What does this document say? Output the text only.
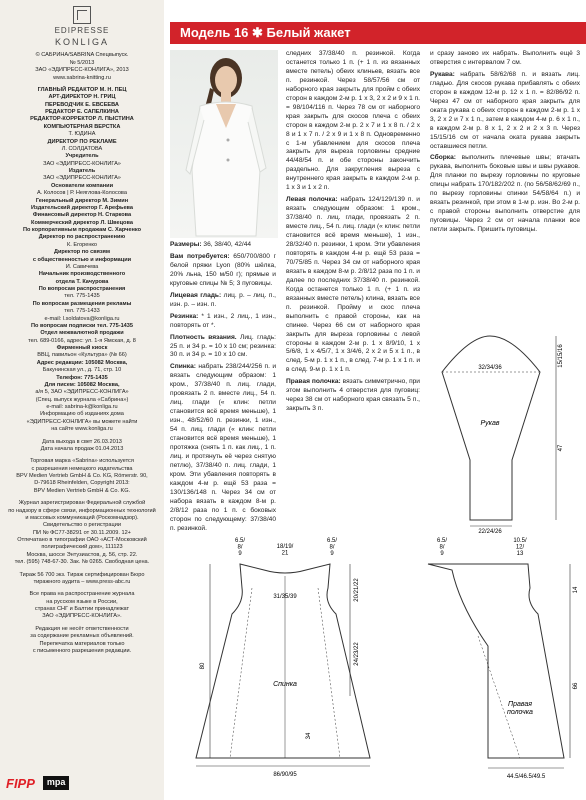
EDIPRESSE
KONLIGA

© САБРИНА/SABRINA Спецвыпуск.

№ 5/2013

ЗАО «ЭДИПРЕСС-КОНЛИГА», 2013

www.sabrina-knitting.ru

ГЛАВНЫЙ РЕДАКТОР М. Н. ПЕЦ

АРТ-ДИРЕКТОР Н. ГРИЦ

ПЕРЕВОДЧИК Е. ЕВСЕЕВА

РЕДАКТОР Е. САПЕЛКИНА

РЕДАКТОР-КОРРЕКТОР Л. ПЫСТИНА

КОМПЬЮТЕРНАЯ ВЕРСТКА

Т. ЮДИНА

ДИРЕКТОР ПО РЕКЛАМЕ

Л. СОЛДАТОВА

Учредитель

ЗАО «ЭДИПРЕСС-КОНЛИГА»

Издатель

ЗАО «ЭДИПРЕСС-КОНЛИГА»

Основатели компании

А. Колосов | Р. Неяглова-Колосова

Генеральный директор М. Зимин

Издательский директор Г. Арефьева

Финансовый директор Н. Старкова

Коммерческий директор Л. Швецова

По корпоративным продажам С. Харченко

Директор по распространению

К. Егоренко

Директор по связям

с общественностью и информации

И. Савичева

Начальник производственного

отдела Т. Качурова

По вопросам распространения

тел. 775-1435

По вопросам размещения рекламы

тел. 775-1433

e-mail: l.soldatova@konliga.ru

По вопросам подписки тел. 775-1435

Отдел межвалютной продажи

тел. 689-0166, адрес: ул. 1-я Ямская, д. 8

Фирменный киоск

ВВЦ, павильон «Культура» (№ 66)

Адрес редакции: 105082 Москва,

Бакунинская ул., д. 71, стр. 10

Телефон: 775-1435

Для писем: 105082 Москва,

а/я 5, ЗАО «ЭДИПРЕСС-КОНЛИГА»

(Спец. выпуск журнала «Сабрина»)

e-mail: sabrina-k@konliga.ru

Информацию об изданиях дома

«ЭДИПРЕСС-КОНЛИГА» вы можете найти

на сайте www.konliga.ru

Дата выхода в свет 26.03.2013

Дата начала продаж 01.04.2013

Торговая марка «Sabrina» используется

с разрешения немецкого издательства

BPV Medien Vertrieb GmbH & Co. KG, Römerstr. 90,

D-79618 Rheinfelden, Copyright 2013:

BPV Medien Vertrieb GmbH & Co. KG.

Журнал зарегистрирован Федеральной службой

по надзору в сфере связи, информационных технологий

и массовых коммуникаций (Роскомнадзор).

Свидетельство о регистрации

ПИ № ФС77-38291 от 30.11.2009. 12+

Отпечатано в типографии ОАО «АСТ-Московский

полиграфический дом», 111123

Москва, шоссе Энтузиастов, д. 56, стр. 22.

тел. (595) 748-67-30. Зак. № 0265. Свободная цена.

Тираж 56 700 экз. Тираж сертифицирован Бюро

тиражного аудита – www.press-abc.ru

Все права на распространение журнала

на русском языке в России,

странах СНГ и Балтии принадлежат

ЗАО «ЭДИПРЕСС-КОНЛИГА».

Редакция не несёт ответственности

за содержание рекламных объявлений.

Перепечатка материалов только

с письменного разрешения редакции.

FIPP	mpa
Модель 16 ✱ Белый жакет

Размеры: 36, 38/40, 42/44

Вам потребуется: 650/700/800 г белой пряжи Lyon (80% шёлка, 20% льна, 150 м/50 г); прямые и круговые спицы № 5; 3 пуговицы.

Лицевая гладь: лиц. р. – лиц. п., изн. р. – изн. п.

Резинка: * 1 изн., 2 лиц., 1 изн., повторять от *.

Плотность вязания. Лиц. гладь: 25 п. и 34 р. = 10 х 10 см; резинка: 30 п. и 34 р. = 10 х 10 см.

Спинка: набрать 238/244/256 п. и вязать следующим образом: 1 кром., 37/38/40 п. лиц. глади, провязать 2 п. вместе лиц., 54 п. лиц. глади (« клин: петли становится всё время меньше), 1 изн., 48/52/60 п. резинки, 1 изн., 54 п. лиц. глади (« клин: петли становится всё время меньше), 1 протяжка (снять 1 п. как лиц., 1 п. лиц. и протянуть её через снятую петлю), 37/38/40 п. лиц. глади, 1 кром. Эти убавления повторять в каждом 4-м р. ещё 53 раза = 130/136/148 п. Через 34 см от набора вязать в каждом 8-м р. 2/8/12 раза по 1 п. с боковых сторон по следующему: 37/38/40 п. резинкой.

следних 37/38/40 п. резинкой. Когда останется только 1 п. (+ 1 п. из вязанных вместе петель) обеих клиньев, вязать все п. резинкой. Через 58/57/56 см от наборного края закрыть для пройм с обеих сторон в каждом 2-м р. 1 х 3, 2 х 2 и 9 х 1 п. = 98/104/116 п. Через 78 см от наборного края закрыть для скосов плеча с обеих сторон в каждом 2-м р. 2 х 7 и 1 х 8 п. / 2 х 8 и 1 х 7 п. / 2 х 9 и 1 х 8 п. Одновременно с 1-м убавлением для скосов плеча закрыть для выреза горловины средние 44/48/54 п. и обе стороны закончить раздельно. Для закругления выреза с внутреннего края закрыть в каждом 2-м р. 1 х 3 и 1 х 2 п.

Левая полочка: набрать 124/129/139 п. и вязать следующим образом: 1 кром., 37/38/40 п. лиц. глади, провязать 2 п. вместе лиц., 54 п. лиц. глади (« клин: петли становится всё время меньше), 1 изн., 28/32/40 п. резинки, 1 кром. Эти убавления повторять в каждом 4-м р. ещё 53 раза = 70/75/85 п. Через 34 см от наборного края вязать в каждом 8-м р. 2/8/12 раза по 1 п. и далее по последних 37/38/40 п. резинкой. Когда останется только 1 п. (+ 1 п. из вязанных вместе петель) клина, вязать все п. резинкой. Пройму и скос плеча выполнить с правой стороны, как на спинке. Через 66 см от наборного края закрыть для выреза горловины с левой стороны в каждом 2-м р. 1 х 8/9/10, 1 х 5/6/8, 1 х 4/5/7, 1 х 3/4/6, 2 х 2 и 5 х 1 п., в след. 5-м р. 1 х 1 п., в след. 7-м р. 1 х 1 п. и в след. 9-м р. 1 х 1 п.

Правая полочка: вязать симметрично, при этом выполнить 4 отверстия для пуговиц: через 38 см от наборного края связать 5 п., закрыть 3 п.

и сразу заново их набрать. Выполнить ещё 3 отверстия с интервалом 7 см.

Рукава: набрать 58/62/68 п. и вязать лиц. гладью. Для скосов рукава прибавлять с обеих сторон в каждом 12-м р. 12 х 1 п. = 82/86/92 п. Через 47 см от наборного края закрыть для оката рукава с обеих сторон в каждом 2-м р. 1 х 3, 2 х 2 и 7 х 1 п., затем в каждом 4-м р. 6 х 1 п., в каждом 2-м р. 8 х 1, 2 х 2 и 2 х 3 п. Через 15/15/16 см от начала оката рукава закрыть оставшиеся петли.

Сборка: выполнить плечевые швы; втачать рукава, выполнить боковые швы и швы рукавов. Для планки по вырезу горловины по круговые спицы набрать 170/182/202 п. (по 56/58/62/69 п., по вырезу горловины спинки 54/58/64 п.) и вязать резинкой, при этом в 1-м р. изн. Во 2-м р. с правой стороны выполнить отверстие для пуговицы. Через 2 см от начала планки все петли закрыть. Пришить пуговицы.

32/34/36
15/15/16
47
Рукав
22/24/26
6.5/ 8/ 9
18/19/ 21
6.5/ 8/ 9
31/35/39
Спинка
80
20/21/22
24/23/22
34
86/90/95
6.5/ 8/ 9
10.5/ 12/ 13
14
66
Правая полочка
44.5/46.5/49.5
